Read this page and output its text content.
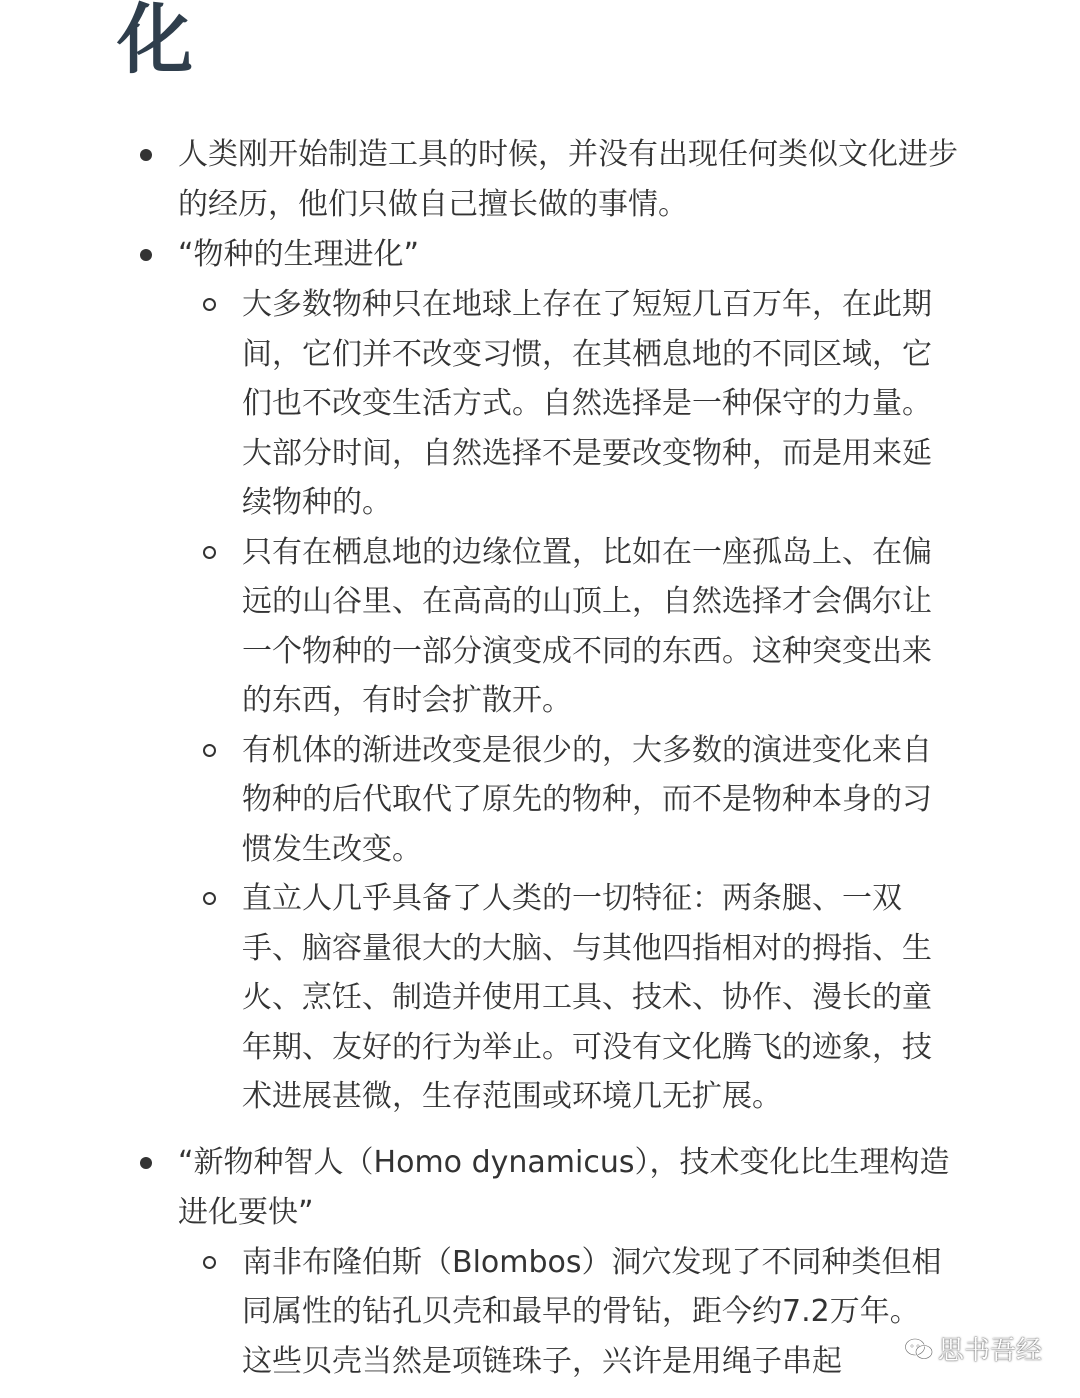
化
人类刚开始制造工具的时候，并没有出现任何类似文化进步的经历，他们只做自己擅长做的事情。
“物种的生理进化”
大多数物种只在地球上存在了短短几百万年，在此期间，它们并不改变习惯，在其栖息地的不同区域，它们也不改变生活方式。自然选择是一种保守的力量。大部分时间，自然选择不是要改变物种，而是用来延续物种的。
只有在栖息地的边缘位置，比如在一座孤岛上、在偏远的山谷里、在高高的山顶上，自然选择才会偶尔让一个物种的一部分演变成不同的东西。这种突变出来的东西，有时会扩散开。
有机体的渐进改变是很少的，大多数的演进变化来自物种的后代取代了原先的物种，而不是物种本身的习惯发生改变。
直立人几乎具备了人类的一切特征：两条腿、一双手、脑容量很大的大脑、与其他四指相对的拇指、生火、烹饪、制造并使用工具、技术、协作、漫长的童年期、友好的行为举止。可没有文化腾飞的迹象，技术进展甚微，生存范围或环境几无扩展。
“新物种智人（Homo dynamicus），技术变化比生理构造进化要快”
南非布隆伯斯（Blombos）洞穴发现了不同种类但相同属性的钻孔贝壳和最早的骨钻，距今约7.2万年。这些贝壳当然是项链珠子，兴许是用绳子串起	思书吾经
